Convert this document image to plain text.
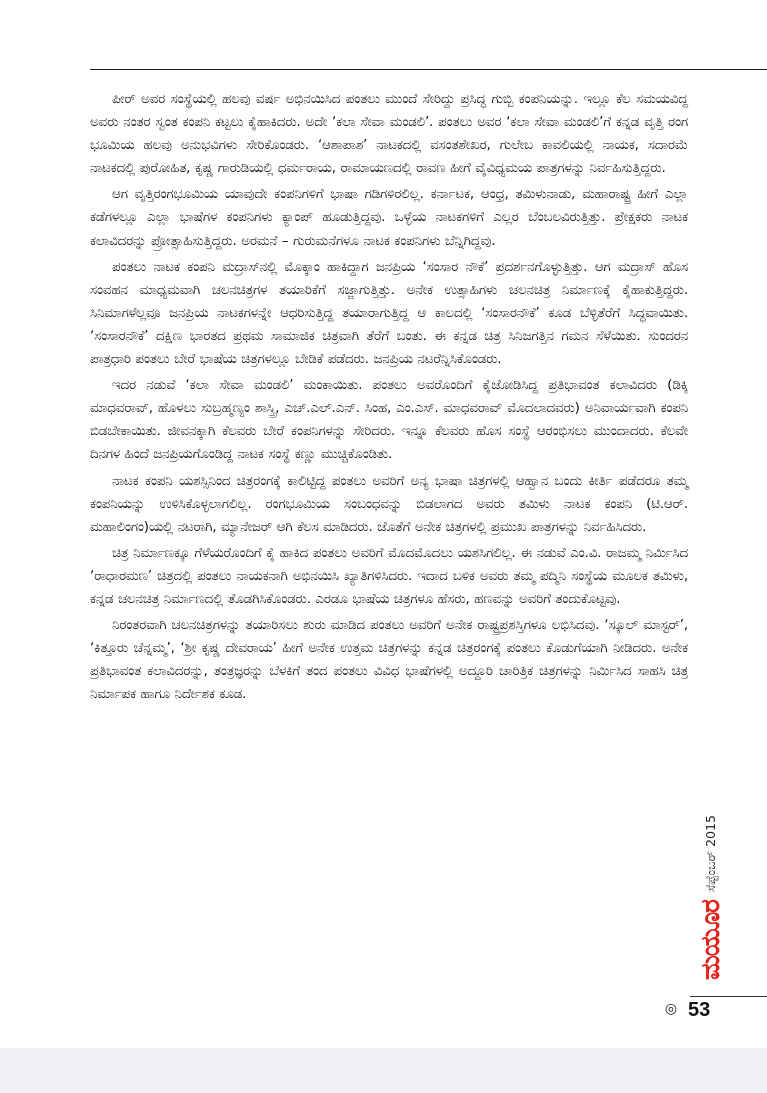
ಪೀರ್ ಅವರ ಸಂಸ್ಥೆಯಲ್ಲಿ ಹಲವು ವರ್ಷ ಅಭಿನಯಿಸಿದ ಪಂತಲು ಮುಂದೆ ಸೇರಿದ್ದು ಪ್ರಸಿದ್ಧ ಗುಬ್ಬಿ ಕಂಪನಿಯನ್ನು. ಇಲ್ಲೂ ಕೆಲ ಸಮಯವಿದ್ದ ಅವರು ನಂತರ ಸ್ವಂತ ಕಂಪನಿ ಕಟ್ಟಲು ಕೈಹಾಕಿದರು. ಅದೇ ‘ಕಲಾ ಸೇವಾ ಮಂಡಲಿ’. ಪಂತಲು ಅವರ ‘ಕಲಾ ಸೇವಾ ಮಂಡಲಿ’ಗೆ ಕನ್ನಡ ವೃತ್ತಿ ರಂಗ ಭೂಮಿಯ ಹಲವು ಅನುಭವಿಗಳು ಸೇರಿಕೊಂಡರು. ‘ಆಶಾಪಾಶ’ ನಾಟಕದಲ್ಲಿ ವಸಂತಶೇಖರ, ಗುಲೇಬ ಕಾವಲಿಯಲ್ಲಿ ನಾಯಕ, ಸದಾರಮೆ ನಾಟಕದಲ್ಲಿ ಪುರೋಹಿತ, ಕೃಷ್ಣ ಗಾರುಡಿಯಲ್ಲಿ ಧರ್ಮರಾಯ, ರಾಮಾಯಣದಲ್ಲಿ ರಾವಣ ಹೀಗೆ ವೈವಿಧ್ಯಮಯ ಪಾತ್ರಗಳನ್ನು ನಿರ್ವಹಿಸುತ್ತಿದ್ದರು.

ಆಗ ವೃತ್ತಿರಂಗಭೂಮಿಯ ಯಾವುದೇ ಕಂಪನಿಗಳಿಗೆ ಭಾಷಾ ಗಡಿಗಳಿರಲಿಲ್ಲ. ಕರ್ನಾಟಕ, ಆಂಧ್ರ, ತಮಿಳುನಾಡು, ಮಹಾರಾಷ್ಟ್ರ ಹೀಗೆ ಎಲ್ಲಾ ಕಡೆಗಳಲ್ಲೂ ಎಲ್ಲಾ ಭಾಷೆಗಳ ಕಂಪನಿಗಳು ಕ್ಯಾಂಪ್ ಹೂಡುತ್ತಿದ್ದವು. ಒಳ್ಳೆಯ ನಾಟಕಗಳಿಗೆ ಎಲ್ಲರ ಬೆಂಬಲವಿರುತ್ತಿತ್ತು. ಪ್ರೇಕ್ಷಕರು ನಾಟಕ ಕಲಾವಿದರನ್ನು ಪ್ರೋತ್ಸಾಹಿಸುತ್ತಿದ್ದರು. ಅರಮನೆ – ಗುರುಮನೆಗಳೂ ನಾಟಕ ಕಂಪನಿಗಳು ಬೆನ್ನಿಗಿದ್ದವು.

ಪಂತಲು ನಾಟಕ ಕಂಪನಿ ಮದ್ರಾಸ್‌ನಲ್ಲಿ ಮೊಕ್ಕಾಂ ಹಾಕಿದ್ದಾಗ ಜನಪ್ರಿಯ ‘ಸಂಸಾರ ನೌಕೆ’ ಪ್ರದರ್ಶನಗೊಳ್ಳುತ್ತಿತ್ತು. ಆಗ ಮದ್ರಾಸ್ ಹೊಸ ಸಂವಹನ ಮಾಧ್ಯಮವಾಗಿ ಚಲನಚಿತ್ರಗಳ ತಯಾರಿಕೆಗೆ ಸಜ್ಜಾಗುತ್ತಿತ್ತು. ಅನೇಕ ಉತ್ಸಾಹಿಗಳು ಚಲನಚಿತ್ರ ನಿರ್ಮಾಣಕ್ಕೆ ಕೈಹಾಕುತ್ತಿದ್ದರು. ಸಿನಿಮಾಗಳೆಲ್ಲವೂ ಜನಪ್ರಿಯ ನಾಟಕಗಳನ್ನೇ ಆಧರಿಸುತ್ತಿದ್ದ ತಯಾರಾಗುತ್ತಿದ್ದ ಆ ಕಾಲದಲ್ಲಿ ‘ಸಂಸಾರನೌಕೆ’ ಕೂಡ ಬೆಳ್ಳಿತೆರೆಗೆ ಸಿದ್ಧವಾಯಿತು. ‘ಸಂಸಾರನೌಕೆ’ ದಕ್ಷಿಣ ಭಾರತದ ಪ್ರಥಮ ಸಾಮಾಜಿಕ ಚಿತ್ರವಾಗಿ ತೆರೆಗೆ ಬಂತು. ಈ ಕನ್ನಡ ಚಿತ್ರ ಸಿನಿಜಗತ್ತಿನ ಗಮನ ಸೆಳೆಯಿತು. ಸುಂದರನ ಪಾತ್ರಧಾರಿ ಪಂತಲು ಬೇರೆ ಭಾಷೆಯ ಚಿತ್ರಗಳಲ್ಲೂ ಬೇಡಿಕೆ ಪಡೆದರು. ಜನಪ್ರಿಯ ನಟರೆನ್ನಿಸಿಕೊಂಡರು.

ಇದರ ನಡುವೆ ‘ಕಲಾ ಸೇವಾ ಮಂಡಲಿ’ ಮಂಕಾಯಿತು. ಪಂತಲು ಅವರೊಂದಿಗೆ ಕೈಜೋಡಿಸಿದ್ದ ಪ್ರತಿಭಾವಂತ ಕಲಾವಿದರು (ಡಿಕ್ಕಿ ಮಾಧವರಾವ್, ಹೊಳಲು ಸುಬ್ರಹ್ಮಣ್ಯಂ ಶಾಸ್ತ್ರಿ, ಎಚ್.ಎಲ್.ಎನ್. ಸಿಂಹ, ಎಂ.ಎಸ್. ಮಾಧವರಾವ್ ಮೊದಲಾದವರು) ಅನಿವಾರ್ಯವಾಗಿ ಕಂಪನಿ ಬಿಡಬೇಕಾಯಿತು. ಜೀವನಕ್ಕಾಗಿ ಕೆಲವರು ಬೇರೆ ಕಂಪನಿಗಳನ್ನು ಸೇರಿದರು. ಇನ್ನೂ ಕೆಲವರು ಹೊಸ ಸಂಸ್ಥೆ ಆರಂಭಿಸಲು ಮುಂದಾದರು. ಕೆಲವೇ ದಿನಗಳ ಹಿಂದೆ ಜನಪ್ರಿಯಗೊಂಡಿದ್ದ ನಾಟಕ ಸಂಸ್ಥೆ ಕಣ್ಣು ಮುಚ್ಚಿಕೊಂಡಿತು.

ನಾಟಕ ಕಂಪನಿ ಯಶಸ್ಸಿನಿಂದ ಚಿತ್ರರಂಗಕ್ಕೆ ಕಾಲಿಟ್ಟಿದ್ದ ಪಂತಲು ಅವರಿಗೆ ಅನ್ಯ ಭಾಷಾ ಚಿತ್ರಗಳಲ್ಲಿ ಆಹ್ವಾನ ಬಂದು ಕೀರ್ತಿ ಪಡೆದರೂ ತಮ್ಮ ಕಂಪನಿಯನ್ನು ಉಳಿಸಿಕೊಳ್ಳಲಾಗಲಿಲ್ಲ. ರಂಗಭೂಮಿಯ ಸಂಬಂಧವನ್ನು ಬಿಡಲಾಗದ ಅವರು ತಮಿಳು ನಾಟಕ ಕಂಪನಿ (ಟಿ.ಆರ್. ಮಹಾಲಿಂಗಂ)ಯಲ್ಲಿ ನಟರಾಗಿ, ಮ್ಯಾನೇಜರ್ ಆಗಿ ಕೆಲಸ ಮಾಡಿದರು. ಜೊತೆಗೆ ಅನೇಕ ಚಿತ್ರಗಳಲ್ಲಿ ಪ್ರಮುಖ ಪಾತ್ರಗಳನ್ನು ನಿರ್ವಹಿಸಿದರು.

ಚಿತ್ರ ನಿರ್ಮಾಣಕ್ಕೂ ಗೆಳೆಯರೊಂದಿಗೆ ಕೈ ಹಾಕಿದ ಪಂತಲು ಅವರಿಗೆ ಮೊದಮೊದಲು ಯಶಸಿಗಲಿಲ್ಲ. ಈ ನಡುವೆ ಎಂ.ವಿ. ರಾಜಮ್ಮ ನಿರ್ಮಿಸಿದ ‘ರಾಧಾರಮಣ’ ಚಿತ್ರದಲ್ಲಿ ಪಂತಲು ನಾಯಕನಾಗಿ ಅಭಿನಯಿಸಿ ಖ್ಯಾತಿಗಳಿಸಿದರು. ಇದಾದ ಬಳಿಕ ಅವರು ತಮ್ಮ ಪದ್ಮಿನಿ ಸಂಸ್ಥೆಯ ಮೂಲಕ ತಮಿಳು, ಕನ್ನಡ ಚಲನಚಿತ್ರ ನಿರ್ಮಾಣದಲ್ಲಿ ತೊಡಗಿಸಿಕೊಂಡರು. ಎರಡೂ ಭಾಷೆಯ ಚಿತ್ರಗಳೂ ಹೆಸರು, ಹಣವನ್ನು ಅವರಿಗೆ ತಂದುಕೊಟ್ಟವು.

ನಿರಂತರವಾಗಿ ಚಲನಚಿತ್ರಗಳನ್ನು ತಯಾರಿಸಲು ಶುರು ಮಾಡಿದ ಪಂತಲು ಅವರಿಗೆ ಅನೇಕ ರಾಷ್ಟ್ರಪ್ರಶಸ್ತಿಗಳೂ ಲಭಿಸಿದವು. ‘ಸ್ಕೂಲ್ ಮಾಸ್ಟರ್’, ‘ಕಿತ್ತೂರು ಚೆನ್ನಮ್ಮ’, ‘ಶ್ರೀ ಕೃಷ್ಣ ದೇವರಾಯ’ ಹೀಗೆ ಅನೇಕ ಉತ್ತಮ ಚಿತ್ರಗಳನ್ನು ಕನ್ನಡ ಚಿತ್ರರಂಗಕ್ಕೆ ಪಂತಲು ಕೊಡುಗೆಯಾಗಿ ನೀಡಿದರು. ಅನೇಕ ಪ್ರತಿಭಾವಂತ ಕಲಾವಿದರನ್ನು, ತಂತ್ರಜ್ಞರನ್ನು ಬೆಳಕಿಗೆ ತಂದ ಪಂತಲು ವಿವಿಧ ಭಾಷೆಗಳಲ್ಲಿ ಅದ್ದೂರಿ ಚಾರಿತ್ರಿಕ ಚಿತ್ರಗಳನ್ನು ನಿರ್ಮಿಸಿದ ಸಾಹಸಿ ಚಿತ್ರ ನಿರ್ಮಾಪಕ ಹಾಗೂ ನಿರ್ದೇಶಕ ಕೂಡ.

ಮಯೂರ
ಸೆಪ್ಟೆಂಬರ್ 2015
◎ 53
